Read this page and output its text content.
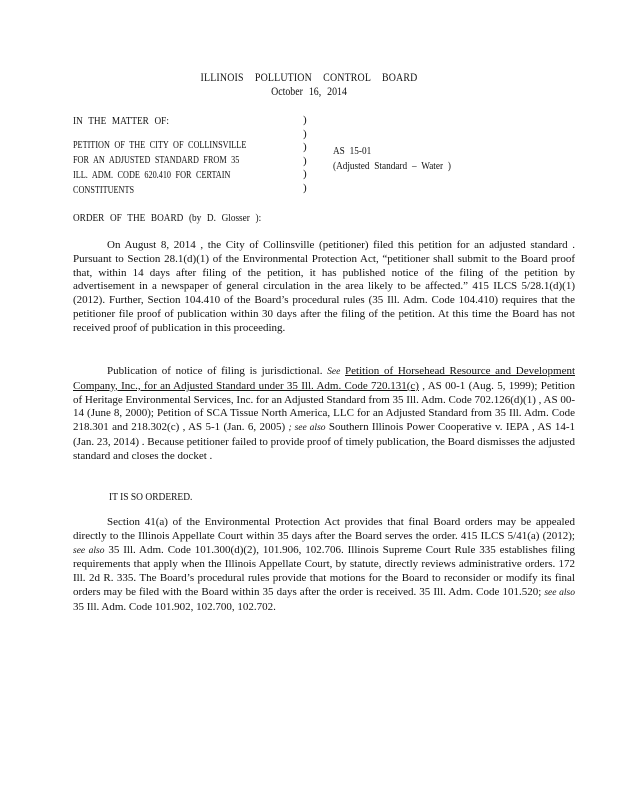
ILLINOIS POLLUTION CONTROL BOARD
October 16, 2014
IN THE MATTER OF:
PETITION OF THE CITY OF COLLINSVILLE
FOR AN ADJUSTED STANDARD FROM 35
ILL. ADM. CODE 620.410 FOR CERTAIN
CONSTITUENTS
)
)
)
)
)
)
AS 15-01
(Adjusted Standard – Water )
ORDER OF THE BOARD (by D. Glosser ):
On August 8, 2014 , the City of Collinsville (petitioner) filed this petition for an adjusted standard . Pursuant to Section 28.1(d)(1) of the Environmental Protection Act, “petitioner shall submit to the Board proof that, within 14 days after filing of the petition, it has published notice of the filing of the petition by advertisement in a newspaper of general circulation in the area likely to be affected.” 415 ILCS 5/28.1(d)(1) (2012). Further, Section 104.410 of the Board’s procedural rules (35 Ill. Adm. Code 104.410) requires that the petitioner file proof of publication within 30 days after the filing of the petition. At this time the Board has not received proof of publication in this proceeding.
Publication of notice of filing is jurisdictional. See Petition of Horsehead Resource and Development Company, Inc., for an Adjusted Standard under 35 Ill. Adm. Code 720.131(c) , AS 00-1 (Aug. 5, 1999); Petition of Heritage Environmental Services, Inc. for an Adjusted Standard from 35 Ill. Adm. Code 702.126(d)(1) , AS 00-14 (June 8, 2000); Petition of SCA Tissue North America, LLC for an Adjusted Standard from 35 Ill. Adm. Code 218.301 and 218.302(c) , AS 5-1 (Jan. 6, 2005) ; see also Southern Illinois Power Cooperative v. IEPA , AS 14-1 (Jan. 23, 2014) . Because petitioner failed to provide proof of timely publication, the Board dismisses the adjusted standard and closes the docket .
IT IS SO ORDERED.
Section 41(a) of the Environmental Protection Act provides that final Board orders may be appealed directly to the Illinois Appellate Court within 35 days after the Board serves the order. 415 ILCS 5/41(a) (2012); see also 35 Ill. Adm. Code 101.300(d)(2), 101.906, 102.706. Illinois Supreme Court Rule 335 establishes filing requirements that apply when the Illinois Appellate Court, by statute, directly reviews administrative orders. 172 Ill. 2d R. 335. The Board’s procedural rules provide that motions for the Board to reconsider or modify its final orders may be filed with the Board within 35 days after the order is received. 35 Ill. Adm. Code 101.520; see also 35 Ill. Adm. Code 101.902, 102.700, 102.702.
